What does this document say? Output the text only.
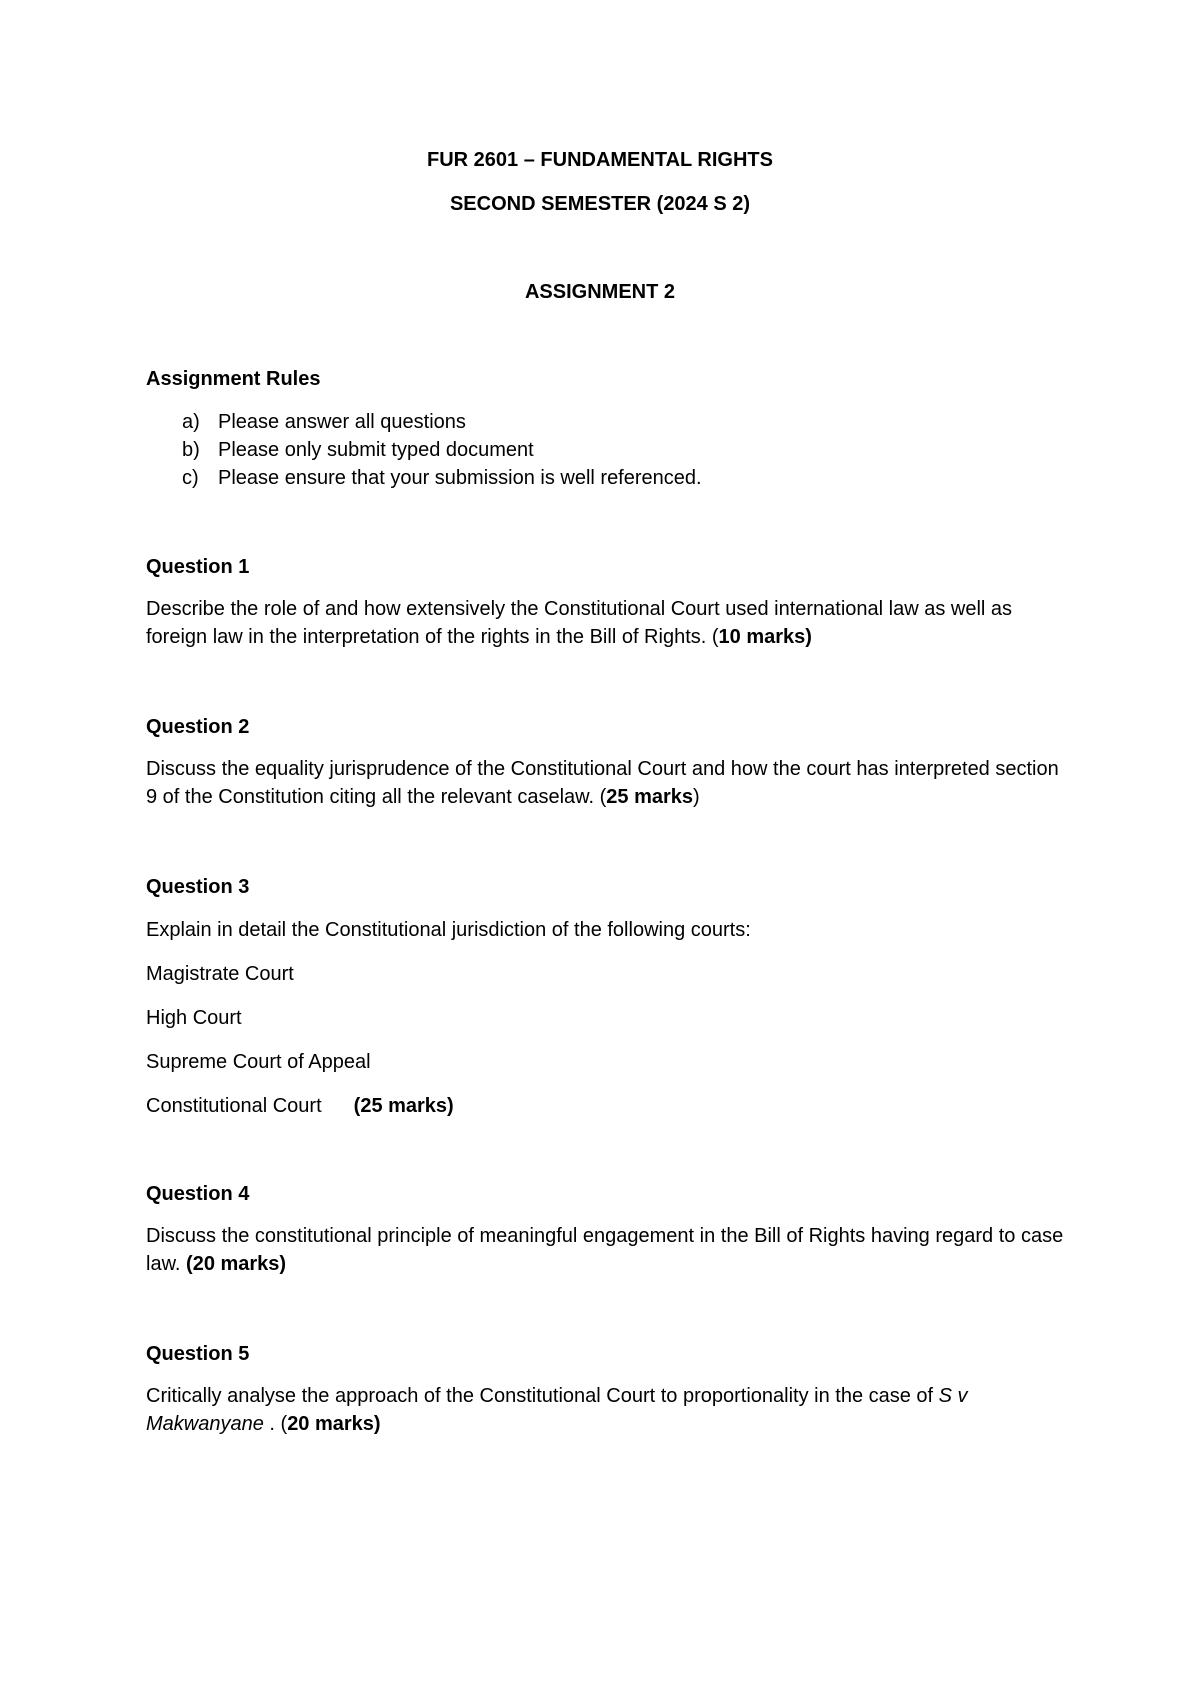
FUR 2601 – FUNDAMENTAL RIGHTS
SECOND SEMESTER (2024 S 2)
ASSIGNMENT 2
Assignment Rules
a) Please answer all questions
b) Please only submit typed document
c) Please ensure that your submission is well referenced.
Question 1
Describe the role of and how extensively the Constitutional Court used international law as well as foreign law in the interpretation of the rights in the Bill of Rights. (10 marks)
Question 2
Discuss the equality jurisprudence of the Constitutional Court and how the court has interpreted section 9 of the Constitution citing all the relevant caselaw. (25 marks)
Question 3
Explain in detail the Constitutional jurisdiction of the following courts:
Magistrate Court
High Court
Supreme Court of Appeal
Constitutional Court (25 marks)
Question 4
Discuss the constitutional principle of meaningful engagement in the Bill of Rights having regard to case law. (20 marks)
Question 5
Critically analyse the approach of the Constitutional Court to proportionality in the case of S v Makwanyane . (20 marks)
